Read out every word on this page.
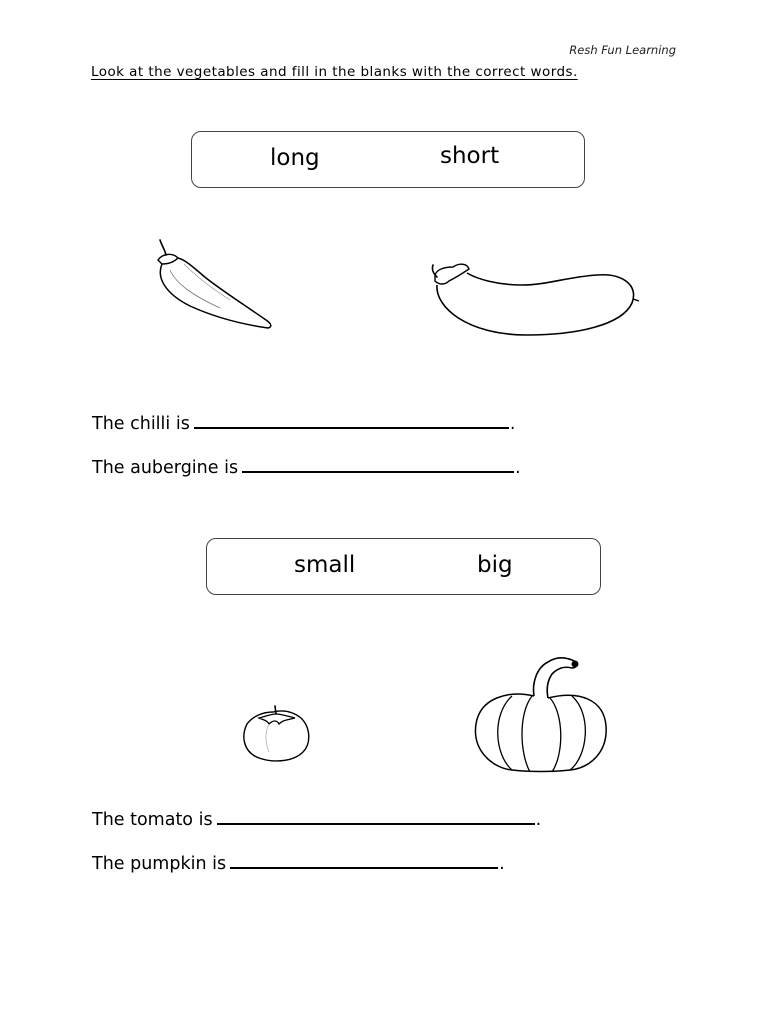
Resh Fun Learning
Look at the vegetables and fill in the blanks with the correct words.
long	short
The chilli is	.
The aubergine is	.
small	big
The tomato is	.
The pumpkin is	.
